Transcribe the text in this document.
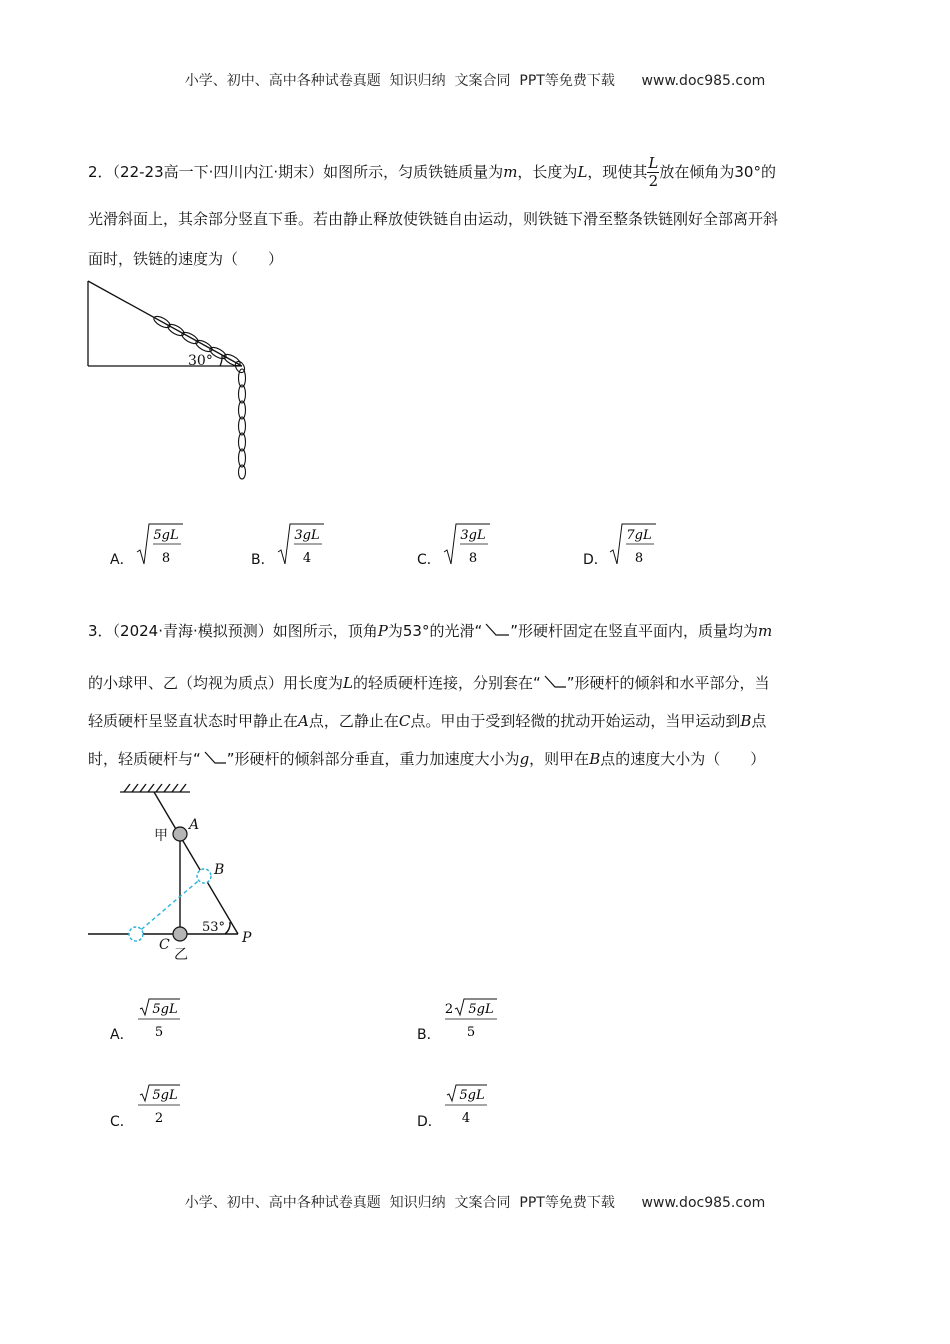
小学、初中、高中各种试卷真题  知识归纳  文案合同  PPT等免费下载      www.doc985.com
小学、初中、高中各种试卷真题  知识归纳  文案合同  PPT等免费下载      www.doc985.com
2．（22-23高一下·四川内江·期末）如图所示，匀质铁链质量为m，长度为L，现使其 $\frac{L}{2}$ 放在倾角为30°的
光滑斜面上，其余部分竖直下垂。若由静止释放使铁链自由运动，则铁链下滑至整条铁链刚好全部离开斜
面时，铁链的速度为（　　）
30°
A．
5gL
8	B．
3gL
4	C．
3gL
8	D．
7gL
8
3．（2024·青海·模拟预测）如图所示，顶角P为53°的光滑“ ”形硬杆固定在竖直平面内，质量均为m
的小球甲、乙（均视为质点）用长度为L的轻质硬杆连接，分别套在“ ”形硬杆的倾斜和水平部分，当
轻质硬杆呈竖直状态时甲静止在A点，乙静止在C点。甲由于受到轻微的扰动开始运动，当甲运动到B点
时，轻质硬杆与“ ”形硬杆的倾斜部分垂直，重力加速度大小为g，则甲在B点的速度大小为（　　）
甲
A
B
53°
P
C
乙
A．
5gL
5	B．
2 5gL
5
C．
5gL
2	D．
5gL
4
